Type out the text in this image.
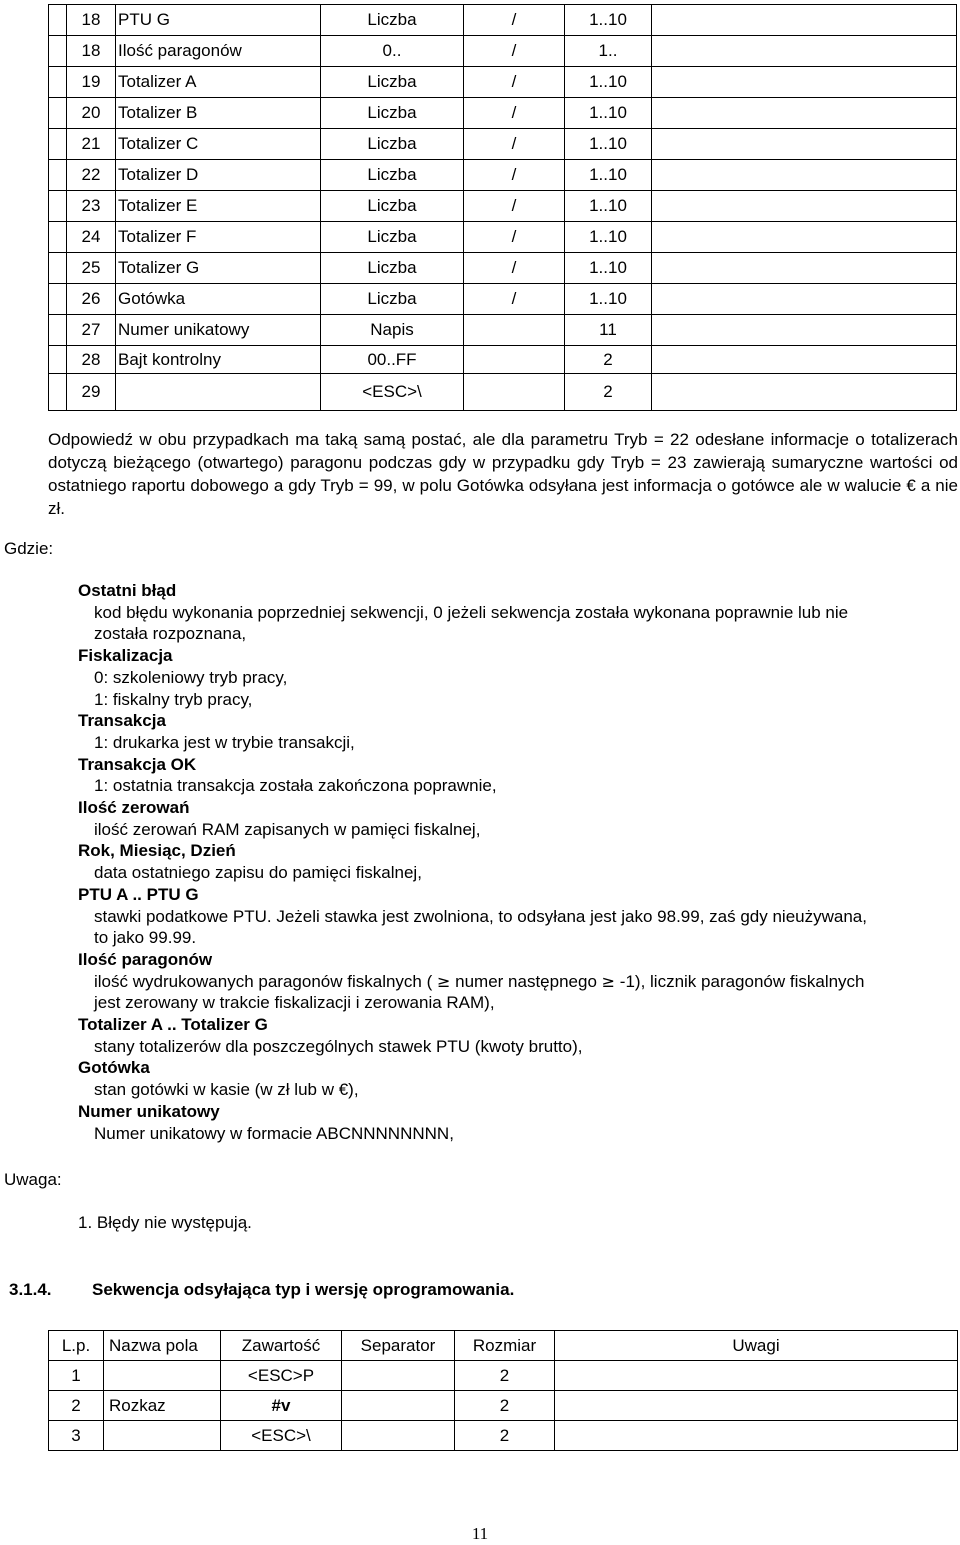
	18	PTU G	Liczba	/	1..10	
	18	Ilość paragonów	0..	/	1..	
	19	Totalizer A	Liczba	/	1..10	
	20	Totalizer B	Liczba	/	1..10	
	21	Totalizer C	Liczba	/	1..10	
	22	Totalizer D	Liczba	/	1..10	
	23	Totalizer E	Liczba	/	1..10	
	24	Totalizer F	Liczba	/	1..10	
	25	Totalizer G	Liczba	/	1..10	
	26	Gotówka	Liczba	/	1..10	
	27	Numer unikatowy	Napis		11	
	28	Bajt kontrolny	00..FF		2	
	29		<ESC>\		2	
Odpowiedź w obu przypadkach ma taką samą postać, ale dla parametru Tryb = 22 odesłane informacje o totalizerach dotyczą bieżącego (otwartego) paragonu podczas gdy w przypadku gdy Tryb = 23 zawierają sumaryczne wartości od ostatniego raportu dobowego a gdy Tryb = 99, w polu Gotówka odsyłana jest informacja o gotówce ale w walucie € a nie zł.
Gdzie:
Ostatni błąd
kod błędu wykonania poprzedniej sekwencji, 0 jeżeli sekwencja została wykonana poprawnie lub nie
została rozpoznana,
Fiskalizacja
0: szkoleniowy tryb pracy,
1: fiskalny tryb pracy,
Transakcja
1: drukarka jest w trybie transakcji,
Transakcja OK
1: ostatnia transakcja została zakończona poprawnie,
Ilość zerowań
ilość zerowań RAM zapisanych w pamięci fiskalnej,
Rok, Miesiąc, Dzień
data ostatniego zapisu do pamięci fiskalnej,
PTU A .. PTU G
stawki podatkowe PTU. Jeżeli stawka jest zwolniona, to odsyłana jest jako 98.99, zaś gdy nieużywana,
to jako 99.99.
Ilość paragonów
ilość wydrukowanych paragonów fiskalnych ( ≥ numer następnego ≥ -1), licznik paragonów fiskalnych
jest zerowany w trakcie fiskalizacji i zerowania RAM),
Totalizer A .. Totalizer G
stany totalizerów dla poszczególnych stawek PTU (kwoty brutto),
Gotówka
stan gotówki w kasie (w zł lub w €),
Numer unikatowy
Numer unikatowy w formacie ABCNNNNNNNN,
Uwaga:
1. Błędy nie występują.
3.1.4. Sekwencja odsyłająca typ i wersję oprogramowania.
L.p.	Nazwa pola	Zawartość	Separator	Rozmiar	Uwagi
1		<ESC>P		2	
2	Rozkaz	#v		2	
3		<ESC>\		2	
11
